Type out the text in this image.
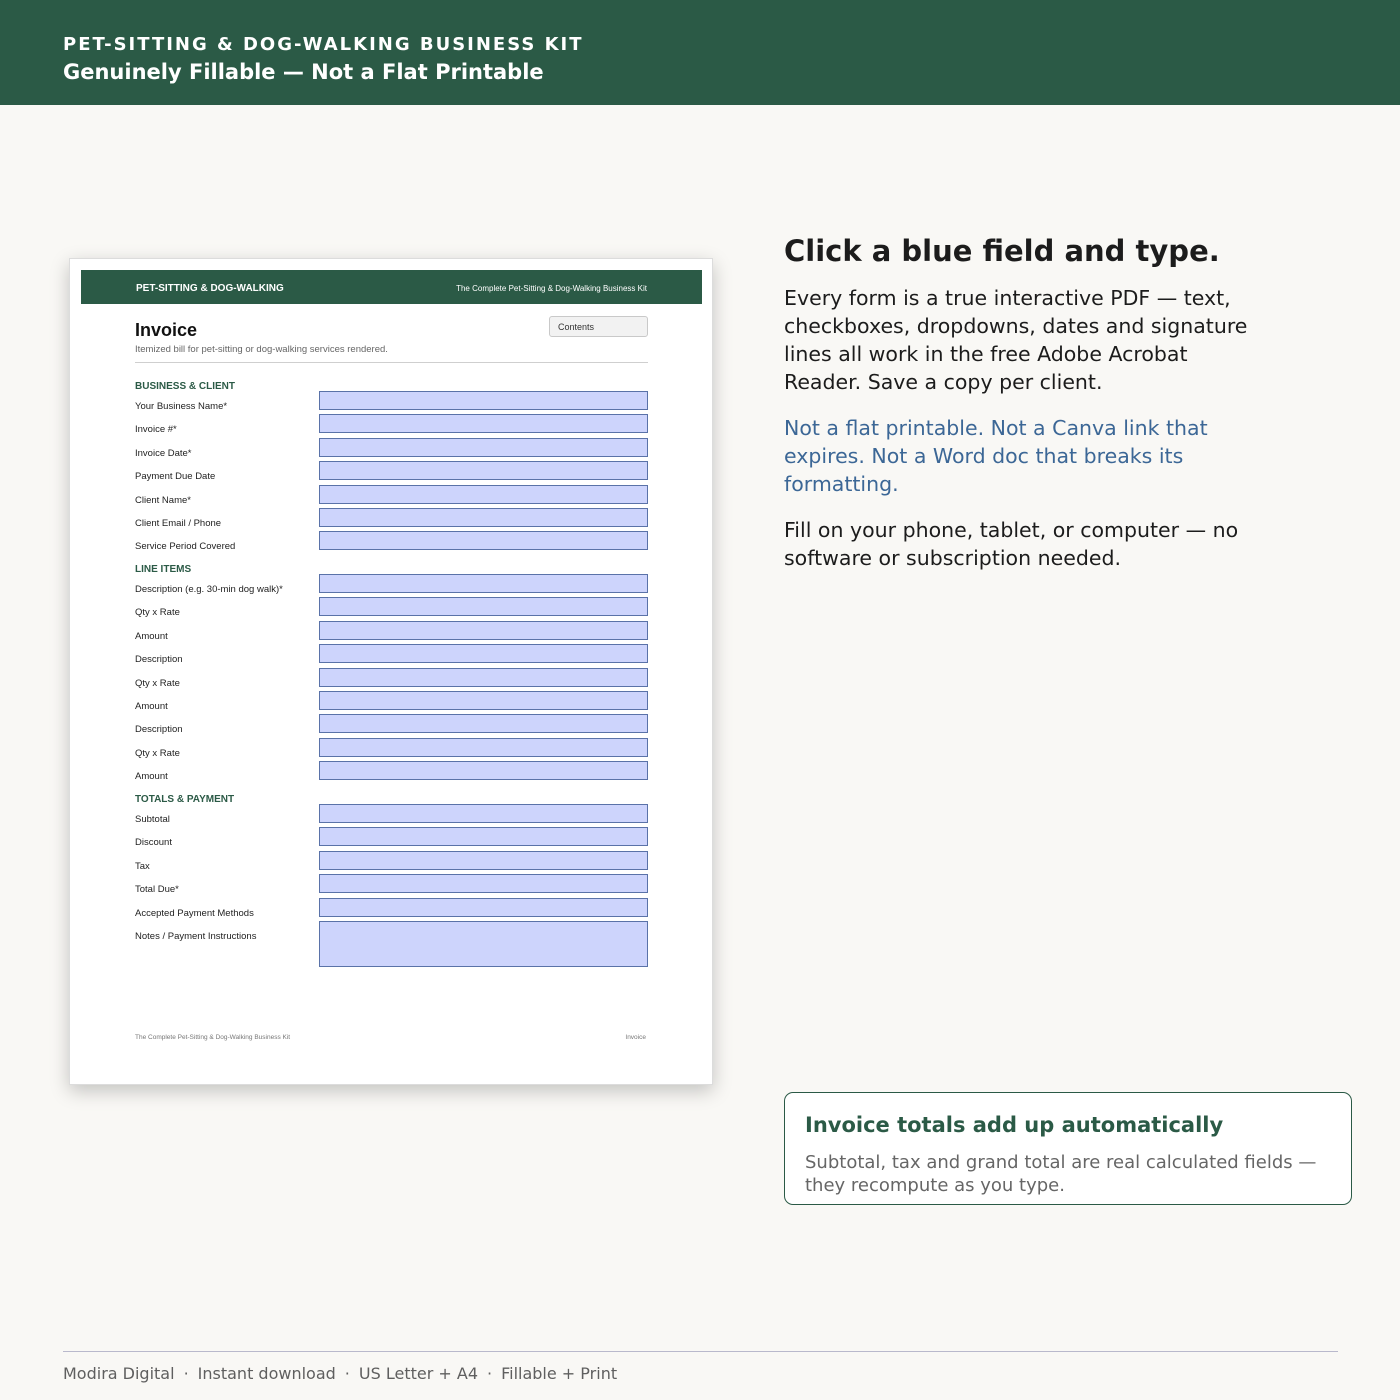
PET-SITTING & DOG-WALKING BUSINESS KIT
Genuinely Fillable — Not a Flat Printable
PET-SITTING & DOG-WALKING	The Complete Pet-Sitting & Dog-Walking Business Kit
Invoice
Itemized bill for pet-sitting or dog-walking services rendered.
Contents
BUSINESS & CLIENT
Your Business Name*
Invoice #*
Invoice Date*
Payment Due Date
Client Name*
Client Email / Phone
Service Period Covered
LINE ITEMS
Description (e.g. 30-min dog walk)*
Qty x Rate
Amount
Description
Qty x Rate
Amount
Description
Qty x Rate
Amount
TOTALS & PAYMENT
Subtotal
Discount
Tax
Total Due*
Accepted Payment Methods
Notes / Payment Instructions
The Complete Pet-Sitting & Dog-Walking Business Kit	Invoice
Click a blue field and type.
Every form is a true interactive PDF — text, checkboxes, dropdowns, dates and signature lines all work in the free Adobe Acrobat Reader. Save a copy per client.
Not a flat printable. Not a Canva link that expires. Not a Word doc that breaks its formatting.
Fill on your phone, tablet, or computer — no software or subscription needed.
Invoice totals add up automatically
Subtotal, tax and grand total are real calculated fields — they recompute as you type.
Modira Digital · Instant download · US Letter + A4 · Fillable + Print
